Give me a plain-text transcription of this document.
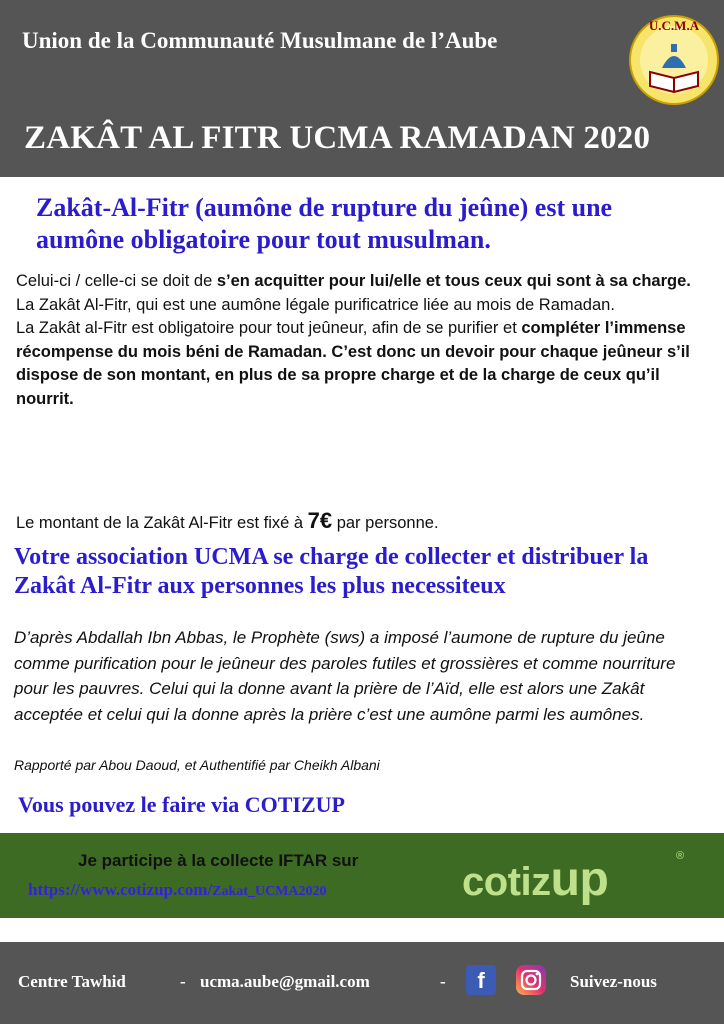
Union de la Communauté Musulmane de l’Aube
U.C.M.A
ZAKÂT AL FITR UCMA RAMADAN 2020
Zakât-Al-Fitr (aumône de rupture du jeûne) est une aumône obligatoire pour tout musulman.

Celui-ci / celle-ci se doit de s’en acquitter pour lui/elle et tous ceux qui sont à sa charge.

La Zakât Al-Fitr, qui est une aumône légale purificatrice liée au mois de Ramadan.

La Zakât al-Fitr est obligatoire pour tout jeûneur, afin de se purifier et compléter l’immense récompense du mois béni de Ramadan. C’est donc un devoir pour chaque jeûneur s’il dispose de son montant, en plus de sa propre charge et de la charge de ceux qu’il nourrit.

Le montant de la Zakât Al-Fitr est fixé à 7€ par personne.
Votre association UCMA se charge de collecter et distribuer la Zakât Al-Fitr aux personnes les plus necessiteux
D’après Abdallah Ibn Abbas, le Prophète (sws) a imposé l’aumone de rupture du jeûne comme purification pour le jeûneur des paroles futiles et grossières et comme nourriture pour les pauvres. Celui qui la donne avant la prière de l’Aïd, elle est alors une Zakât acceptée et celui qui la donne après la prière c’est une aumône parmi les aumônes.
Rapporté par Abou Daoud, et Authentifié par Cheikh Albani
Vous pouvez le faire via COTIZUP
Je participe à la collecte IFTAR sur
https://www.cotizup.com/Zakat_UCMA2020	cotizup	®
Centre Tawhid	- ucma.aube@gmail.com	-	f	Suivez-nous
